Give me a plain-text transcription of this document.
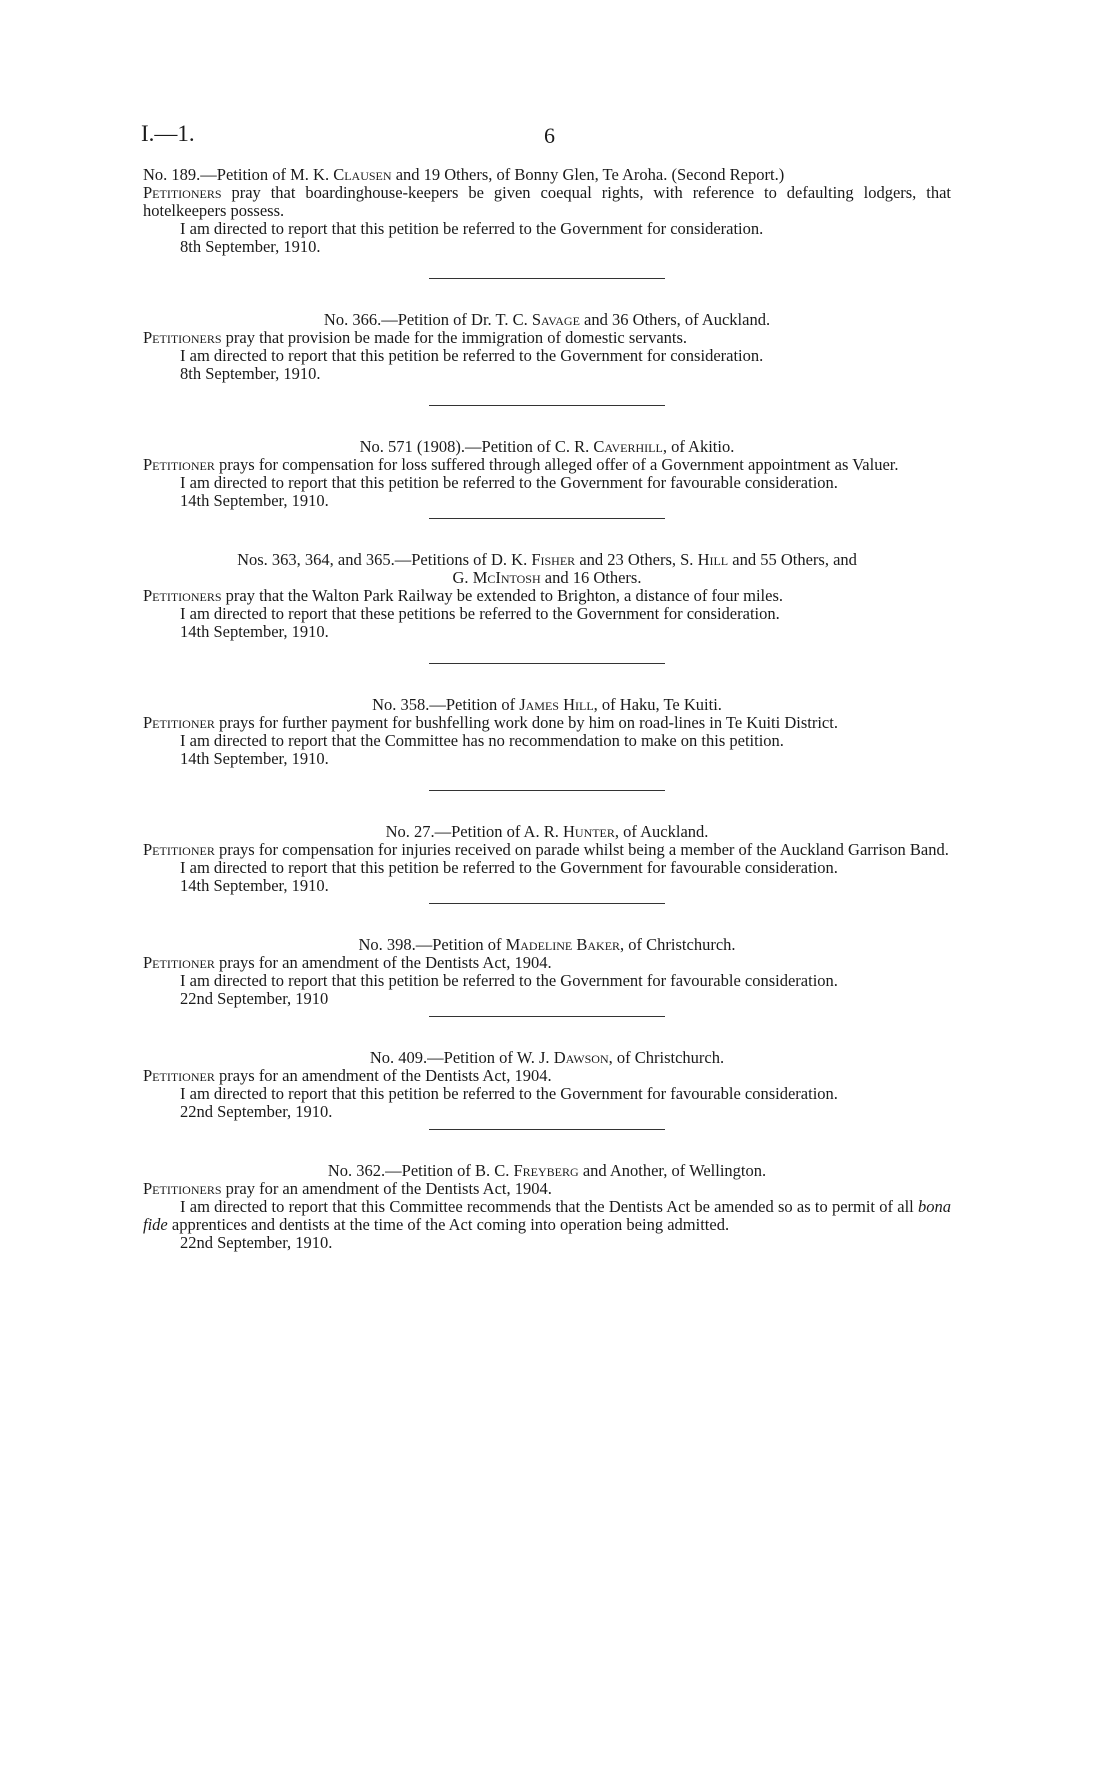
I.—1.	6

No. 189.—Petition of M. K. Clausen and 19 Others, of Bonny Glen, Te Aroha. (Second Report.)

Petitioners pray that boardinghouse-keepers be given coequal rights, with reference to defaulting lodgers, that hotelkeepers possess.

I am directed to report that this petition be referred to the Government for consideration.

8th September, 1910.

No. 366.—Petition of Dr. T. C. Savage and 36 Others, of Auckland.

Petitioners pray that provision be made for the immigration of domestic servants.

I am directed to report that this petition be referred to the Government for consideration.

8th September, 1910.

No. 571 (1908).—Petition of C. R. Caverhill, of Akitio.

Petitioner prays for compensation for loss suffered through alleged offer of a Government appointment as Valuer.

I am directed to report that this petition be referred to the Government for favourable consideration.

14th September, 1910.

Nos. 363, 364, and 365.—Petitions of D. K. Fisher and 23 Others, S. Hill and 55 Others, and
G. McIntosh and 16 Others.

Petitioners pray that the Walton Park Railway be extended to Brighton, a distance of four miles.

I am directed to report that these petitions be referred to the Government for consideration.

14th September, 1910.

No. 358.—Petition of James Hill, of Haku, Te Kuiti.

Petitioner prays for further payment for bushfelling work done by him on road-lines in Te Kuiti District.

I am directed to report that the Committee has no recommendation to make on this petition.

14th September, 1910.

No. 27.—Petition of A. R. Hunter, of Auckland.

Petitioner prays for compensation for injuries received on parade whilst being a member of the Auckland Garrison Band.

I am directed to report that this petition be referred to the Government for favourable consideration.

14th September, 1910.

No. 398.—Petition of Madeline Baker, of Christchurch.

Petitioner prays for an amendment of the Dentists Act, 1904.

I am directed to report that this petition be referred to the Government for favourable consideration.

22nd September, 1910

No. 409.—Petition of W. J. Dawson, of Christchurch.

Petitioner prays for an amendment of the Dentists Act, 1904.

I am directed to report that this petition be referred to the Government for favourable consideration.

22nd September, 1910.

No. 362.—Petition of B. C. Freyberg and Another, of Wellington.

Petitioners pray for an amendment of the Dentists Act, 1904.

I am directed to report that this Committee recommends that the Dentists Act be amended so as to permit of all bona fide apprentices and dentists at the time of the Act coming into operation being admitted.

22nd September, 1910.
